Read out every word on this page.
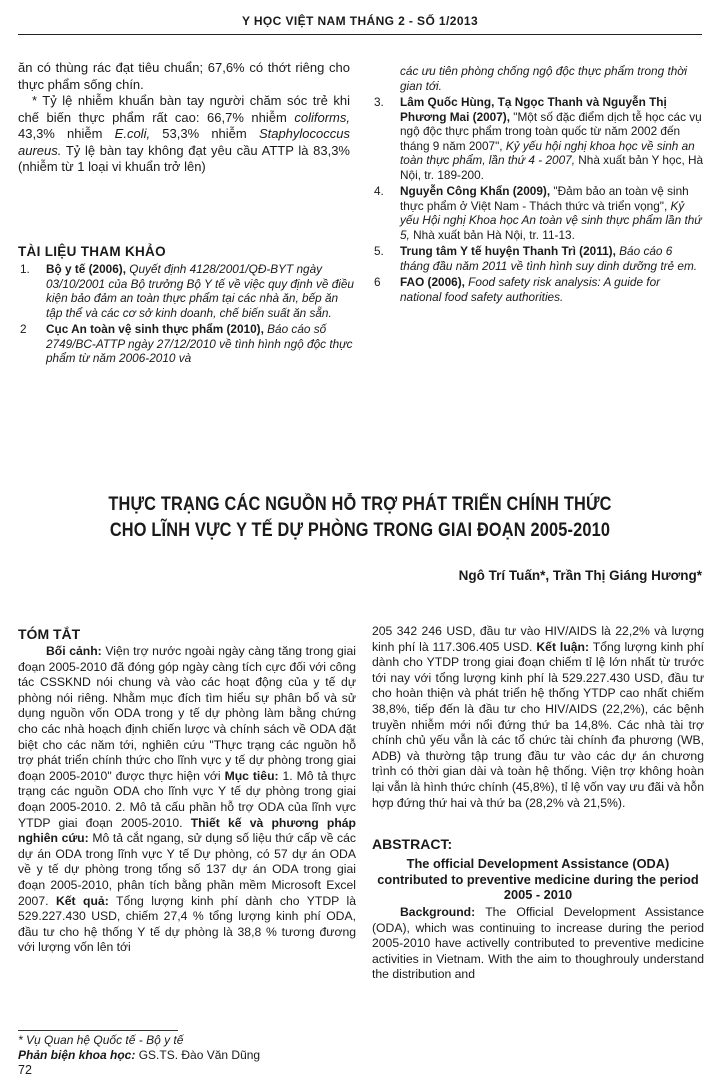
Y HỌC VIỆT NAM THÁNG 2 - SỐ 1/2013

ăn có thùng rác đạt tiêu chuẩn; 67,6% có thớt riêng cho thực phẩm sống chín.

* Tỷ lệ nhiễm khuẩn bàn tay người chăm sóc trẻ khi chế biến thực phẩm rất cao: 66,7% nhiễm coliforms, 43,3% nhiễm E.coli, 53,3% nhiễm Staphylococcus aureus. Tỷ lệ bàn tay không đạt yêu cầu ATTP là 83,3% (nhiễm từ 1 loại vi khuẩn trở lên)

TÀI LIỆU THAM KHẢO
1. Bộ y tế (2006), Quyết định 4128/2001/QĐ-BYT ngày 03/10/2001 của Bộ trưởng Bộ Y tế về việc quy định về điều kiện bảo đảm an toàn thực phẩm tại các nhà ăn, bếp ăn tập thể và các cơ sở kinh doanh, chế biến suất ăn sẵn.
2 Cục An toàn vệ sinh thực phẩm (2010), Báo cáo số 2749/BC-ATTP ngày 27/12/2010 về tình hình ngộ độc thực phẩm từ năm 2006-2010 và
các ưu tiên phòng chống ngộ độc thực phẩm trong thời gian tới.
3. Lâm Quốc Hùng, Tạ Ngọc Thanh và Nguyễn Thị Phương Mai (2007), "Một số đặc điểm dịch tễ học các vụ ngộ độc thực phẩm trong toàn quốc từ năm 2002 đến tháng 9 năm 2007", Kỷ yếu hội nghị khoa học về sinh an toàn thực phẩm, lần thứ 4 - 2007, Nhà xuất bản Y học, Hà Nội, tr. 189-200.
4. Nguyễn Công Khẩn (2009), "Đảm bảo an toàn vệ sinh thực phẩm ở Việt Nam - Thách thức và triển vọng", Kỷ yếu Hội nghị Khoa học An toàn vệ sinh thực phẩm lần thứ 5, Nhà xuất bản Hà Nội, tr. 11-13.
5. Trung tâm Y tế huyện Thanh Trì (2011), Báo cáo 6 tháng đầu năm 2011 về tình hình suy dinh dưỡng trẻ em.
6 FAO (2006), Food safety risk analysis: A guide for national food safety authorities.
THỰC TRẠNG CÁC NGUỒN HỖ TRỢ PHÁT TRIỂN CHÍNH THỨC
CHO LĨNH VỰC Y TẾ DỰ PHÒNG TRONG GIAI ĐOẠN 2005-2010
Ngô Trí Tuấn*, Trần Thị Giáng Hương*
TÓM TẮT

Bối cảnh: Viện trợ nước ngoài ngày càng tăng trong giai đoạn 2005-2010 đã đóng góp ngày càng tích cực đối với công tác CSSKND nói chung và vào các hoạt động của y tế dự phòng nói riêng. Nhằm mục đích tìm hiểu sự phân bổ và sử dụng nguồn vốn ODA trong y tế dự phòng làm bằng chứng cho các nhà hoạch định chiến lược và chính sách về ODA đặt biệt cho các năm tới, nghiên cứu "Thực trạng các nguồn hỗ trợ phát triển chính thức cho lĩnh vực y tế dự phòng trong giai đoạn 2005-2010" được thực hiện với Mục tiêu: 1. Mô tả thực trạng các nguồn ODA cho lĩnh vực Y tế dự phòng trong giai đoạn 2005-2010. 2. Mô tả cấu phần hỗ trợ ODA của lĩnh vực YTDP giai đoạn 2005-2010. Thiết kế và phương pháp nghiên cứu: Mô tả cắt ngang, sử dụng số liệu thứ cấp về các dự án ODA trong lĩnh vực Y tế Dự phòng, có 57 dự án ODA về y tế dự phòng trong tổng số 137 dự án ODA trong giai đoạn 2005-2010, phân tích bằng phần mềm Microsoft Excel 2007. Kết quả: Tổng lượng kinh phí dành cho YTDP là 529.227.430 USD, chiếm 27,4 % tổng lượng kinh phí ODA, đầu tư cho hệ thống Y tế dự phòng là 38,8 % tương đương với lượng vốn lên tới

205 342 246 USD, đầu tư vào HIV/AIDS là 22,2% và lượng kinh phí là 117.306.405 USD. Kết luận: Tổng lượng kinh phí dành cho YTDP trong giai đoạn chiếm tỉ lệ lớn nhất từ trước tới nay với tổng lượng kinh phí là 529.227.430 USD, đầu tư cho hoàn thiện và phát triển hệ thống YTDP cao nhất chiếm 38,8%, tiếp đến là đầu tư cho HIV/AIDS (22,2%), các bệnh truyền nhiễm mới nổi đứng thứ ba 14,8%. Các nhà tài trợ chính chủ yếu vẫn là các tổ chức tài chính đa phương (WB, ADB) và thường tập trung đầu tư vào các dự án chương trình có thời gian dài và toàn hệ thống. Viện trợ không hoàn lại vẫn là hình thức chính (45,8%), tỉ lệ vốn vay ưu đãi và hỗn hợp đứng thứ hai và thứ ba (28,2% và 21,5%).

ABSTRACT:
The official Development Assistance (ODA) contributed to preventive medicine during the period 2005 - 2010

Background: The Official Development Assistance (ODA), which was continuing to increase during the period 2005-2010 have activelly contributed to preventive medicine activities in Vietnam. With the aim to thoughrouly understand the distribution and

* Vụ Quan hệ Quốc tế - Bộ y tế
Phản biện khoa học: GS.TS. Đào Văn Dũng
72
